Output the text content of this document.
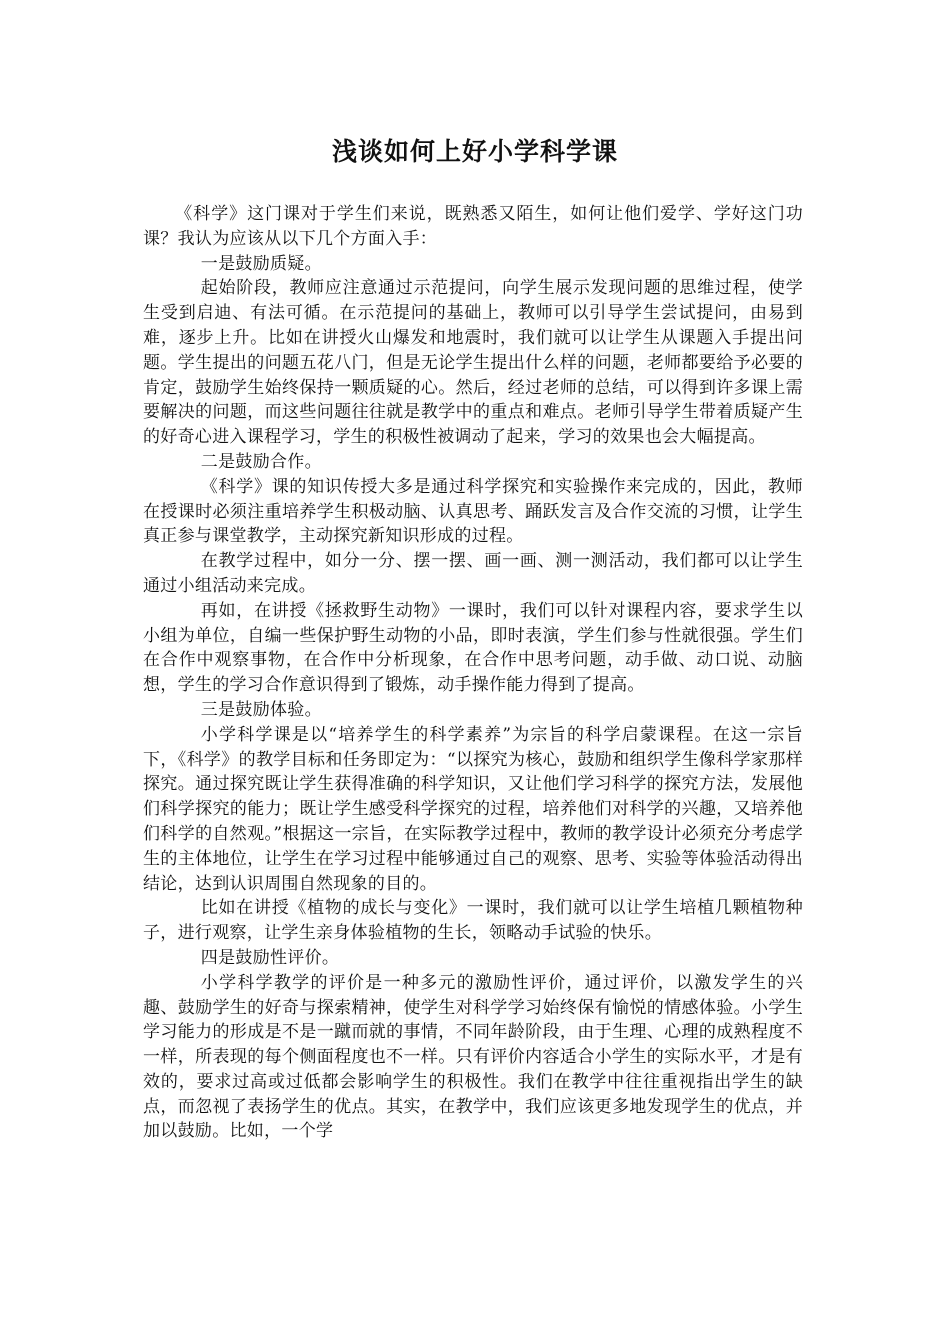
浅谈如何上好小学科学课

《科学》这门课对于学生们来说，既熟悉又陌生，如何让他们爱学、学好这门功课？我认为应该从以下几个方面入手：

一是鼓励质疑。

起始阶段，教师应注意通过示范提问，向学生展示发现问题的思维过程，使学生受到启迪、有法可循。在示范提问的基础上，教师可以引导学生尝试提问，由易到难，逐步上升。比如在讲授火山爆发和地震时，我们就可以让学生从课题入手提出问题。学生提出的问题五花八门，但是无论学生提出什么样的问题，老师都要给予必要的肯定，鼓励学生始终保持一颗质疑的心。然后，经过老师的总结，可以得到许多课上需要解决的问题，而这些问题往往就是教学中的重点和难点。老师引导学生带着质疑产生的好奇心进入课程学习，学生的积极性被调动了起来，学习的效果也会大幅提高。

二是鼓励合作。

《科学》课的知识传授大多是通过科学探究和实验操作来完成的，因此，教师在授课时必须注重培养学生积极动脑、认真思考、踊跃发言及合作交流的习惯，让学生真正参与课堂教学，主动探究新知识形成的过程。

在教学过程中，如分一分、摆一摆、画一画、测一测活动，我们都可以让学生通过小组活动来完成。

再如，在讲授《拯救野生动物》一课时，我们可以针对课程内容，要求学生以小组为单位，自编一些保护野生动物的小品，即时表演，学生们参与性就很强。学生们在合作中观察事物，在合作中分析现象，在合作中思考问题，动手做、动口说、动脑想，学生的学习合作意识得到了锻炼，动手操作能力得到了提高。

三是鼓励体验。

小学科学课是以“培养学生的科学素养”为宗旨的科学启蒙课程。在这一宗旨下，《科学》的教学目标和任务即定为：“以探究为核心，鼓励和组织学生像科学家那样探究。通过探究既让学生获得准确的科学知识，又让他们学习科学的探究方法，发展他们科学探究的能力；既让学生感受科学探究的过程，培养他们对科学的兴趣，又培养他们科学的自然观。”根据这一宗旨，在实际教学过程中，教师的教学设计必须充分考虑学生的主体地位，让学生在学习过程中能够通过自己的观察、思考、实验等体验活动得出结论，达到认识周围自然现象的目的。

比如在讲授《植物的成长与变化》一课时，我们就可以让学生培植几颗植物种子，进行观察，让学生亲身体验植物的生长，领略动手试验的快乐。

四是鼓励性评价。

小学科学教学的评价是一种多元的激励性评价，通过评价，以激发学生的兴趣、鼓励学生的好奇与探索精神，使学生对科学学习始终保有愉悦的情感体验。小学生学习能力的形成是不是一蹴而就的事情，不同年龄阶段，由于生理、心理的成熟程度不一样，所表现的每个侧面程度也不一样。只有评价内容适合小学生的实际水平，才是有效的，要求过高或过低都会影响学生的积极性。我们在教学中往往重视指出学生的缺点，而忽视了表扬学生的优点。其实，在教学中，我们应该更多地发现学生的优点，并加以鼓励。比如，一个学
